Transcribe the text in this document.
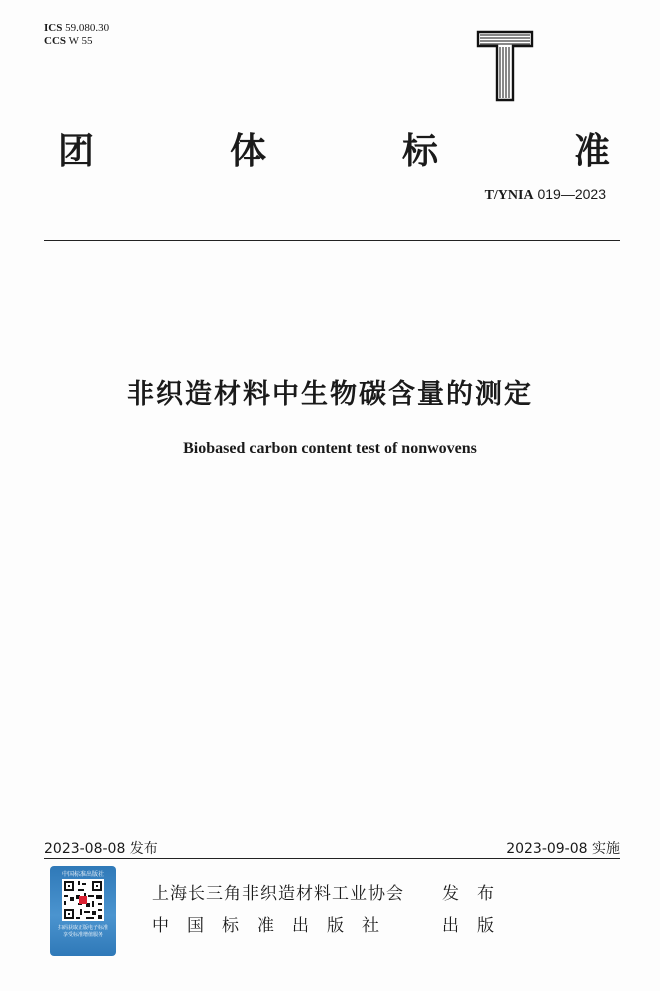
ICS 59.080.30
CCS W 55
T
团	体	标	准
T/YNIA 019—2023
非织造材料中生物碳含量的测定
Biobased carbon content test of nonwovens
2023-08-08 发布	2023-09-08 实施
中国标准出版社
扫码获取正版电子标准
享受标准增值服务
上海长三角非织造材料工业协会	发布
中国标准出版社	出版
